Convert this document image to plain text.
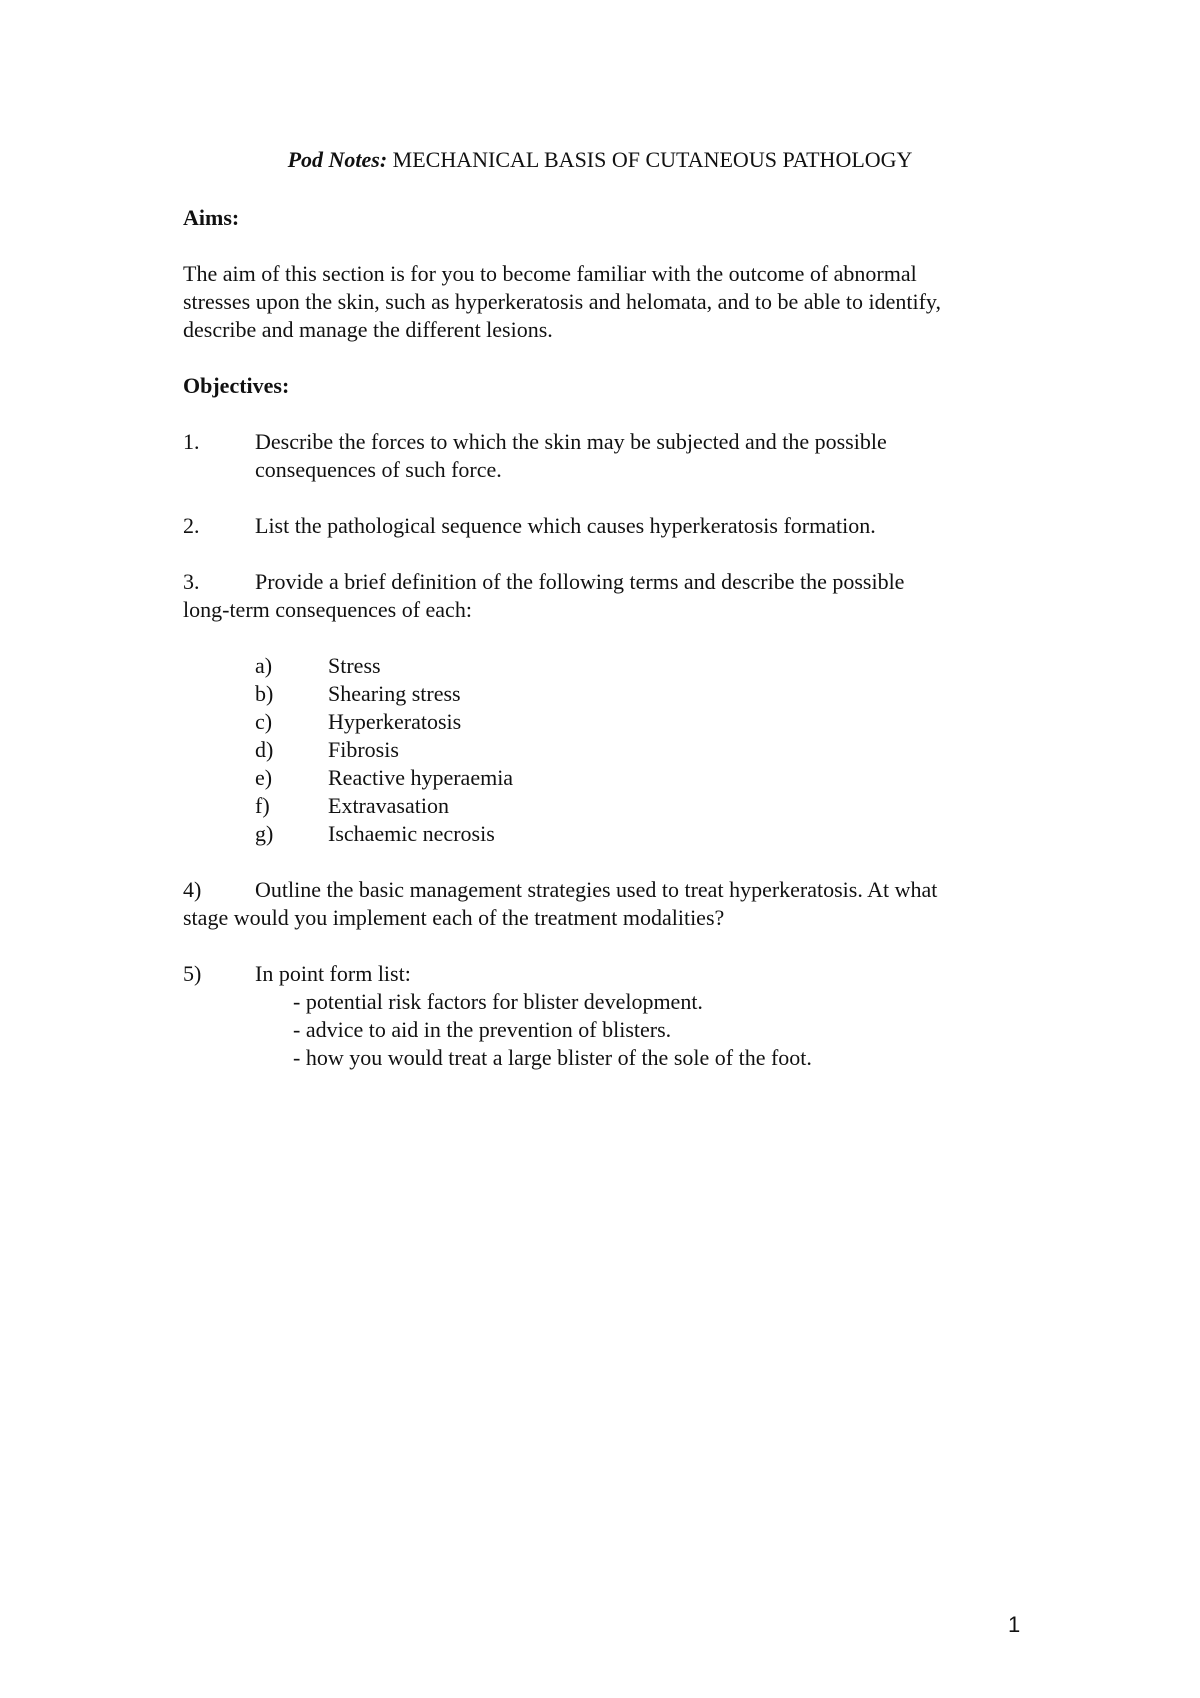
Pod Notes: MECHANICAL BASIS OF CUTANEOUS PATHOLOGY
Aims:
The aim of this section is for you to become familiar with the outcome of abnormal
stresses upon the skin, such as hyperkeratosis and helomata, and to be able to identify,
describe and manage the different lesions.
Objectives:
1.	Describe the forces to which the skin may be subjected and the possible
consequences of such force.
2.	List the pathological sequence which causes hyperkeratosis formation.
3.	Provide a brief definition of the following terms and describe the possible
long-term consequences of each:
a)	Stress
b) Shearing stress
c)	Hyperkeratosis
d) Fibrosis
e)	Reactive hyperaemia
f)	Extravasation
g) Ischaemic necrosis
4) Outline the basic management strategies used to treat hyperkeratosis. At what
stage would you implement each of the treatment modalities?
5) In point form list:
- potential risk factors for blister development.
- advice to aid in the prevention of blisters.
- how you would treat a large blister of the sole of the foot.
1
